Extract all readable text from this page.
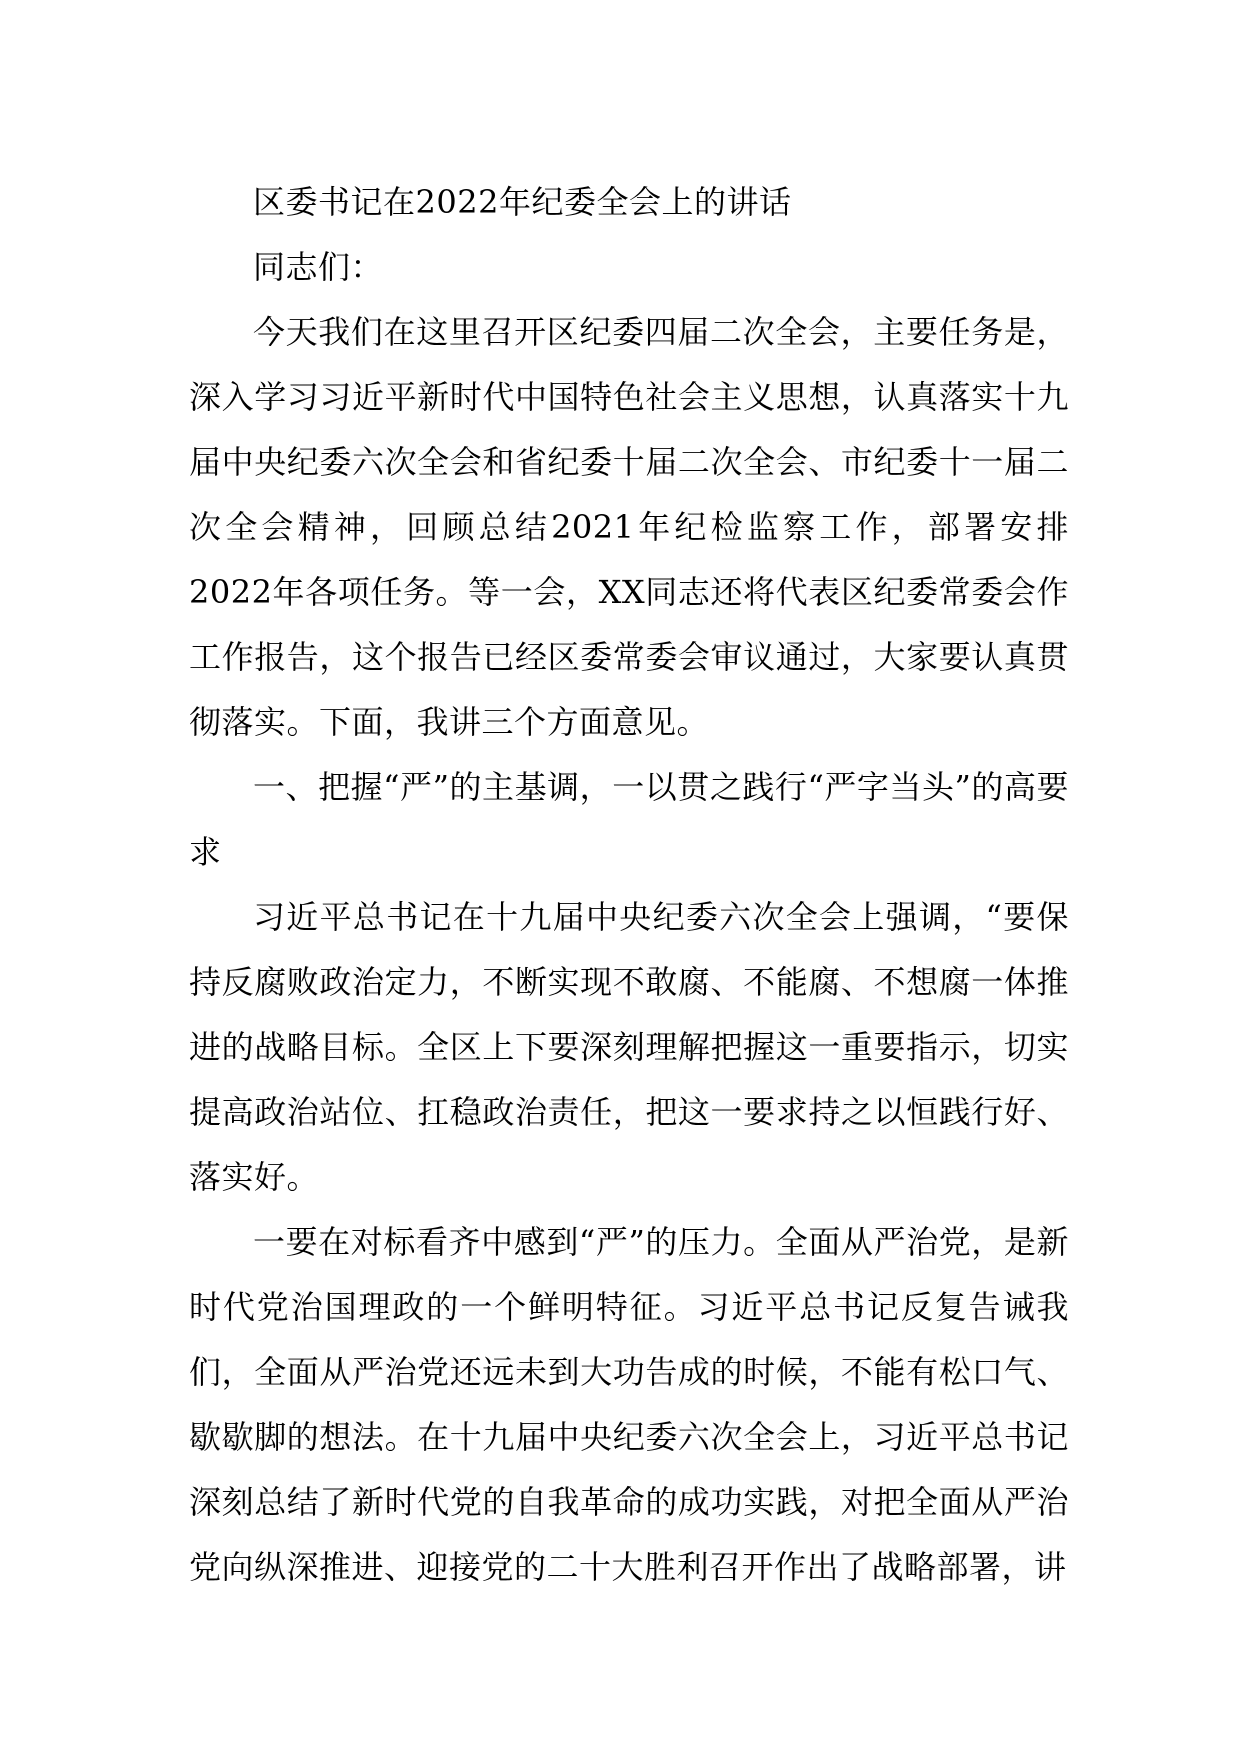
区委书记在2022年纪委全会上的讲话

同志们：

今天我们在这里召开区纪委四届二次全会，主要任务是，深入学习习近平新时代中国特色社会主义思想，认真落实十九届中央纪委六次全会和省纪委十届二次全会、市纪委十一届二次全会精神，回顾总结2021年纪检监察工作，部署安排2022年各项任务。等一会，XX同志还将代表区纪委常委会作工作报告，这个报告已经区委常委会审议通过，大家要认真贯彻落实。下面，我讲三个方面意见。

一、把握“严”的主基调，一以贯之践行“严字当头”的高要求

习近平总书记在十九届中央纪委六次全会上强调，“要保持反腐败政治定力，不断实现不敢腐、不能腐、不想腐一体推进的战略目标。全区上下要深刻理解把握这一重要指示，切实提高政治站位、扛稳政治责任，把这一要求持之以恒践行好、落实好。

一要在对标看齐中感到“严”的压力。全面从严治党，是新时代党治国理政的一个鲜明特征。习近平总书记反复告诫我们，全面从严治党还远未到大功告成的时候，不能有松口气、歇歇脚的想法。在十九届中央纪委六次全会上，习近平总书记深刻总结了新时代党的自我革命的成功实践，对把全面从严治党向纵深推进、迎接党的二十大胜利召开作出了战略部署，讲
